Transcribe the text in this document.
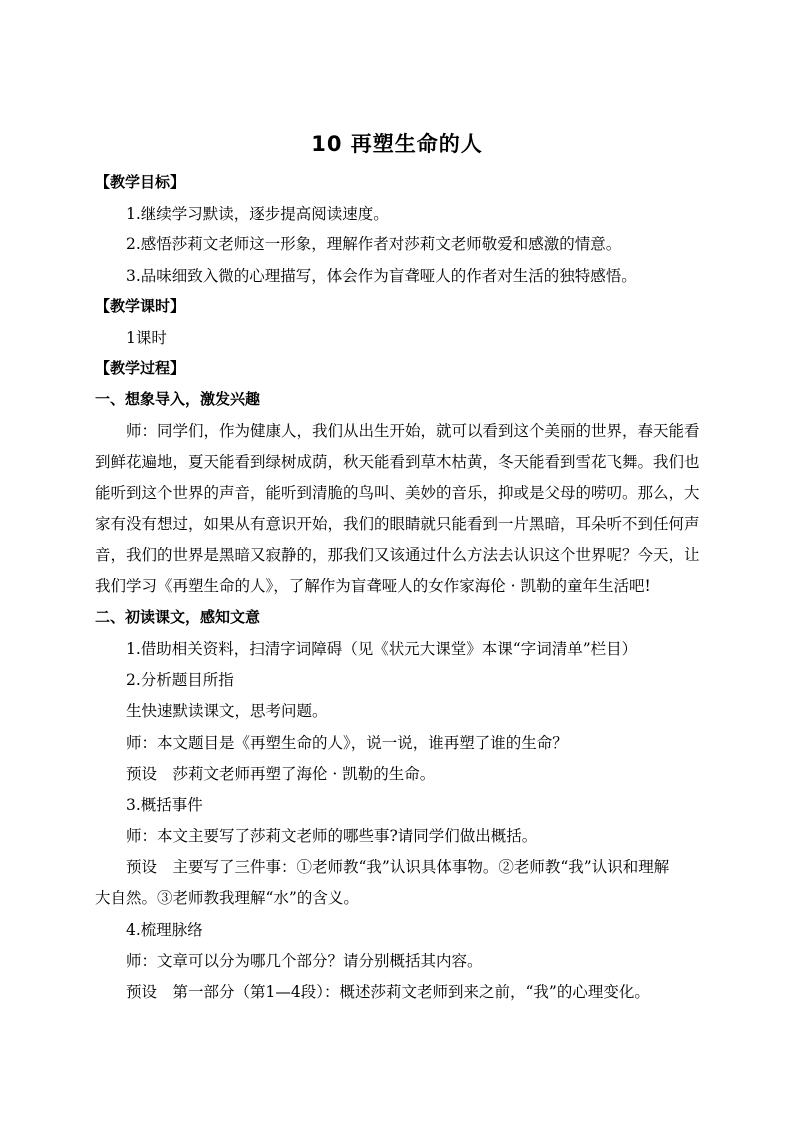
10 再塑生命的人
【教学目标】
1.继续学习默读，逐步提高阅读速度。
2.感悟莎莉文老师这一形象，理解作者对莎莉文老师敬爱和感激的情意。
3.品味细致入微的心理描写，体会作为盲聋哑人的作者对生活的独特感悟。
【教学课时】
1课时
【教学过程】
一、想象导入，激发兴趣
师：同学们，作为健康人，我们从出生开始，就可以看到这个美丽的世界，春天能看
到鲜花遍地，夏天能看到绿树成荫，秋天能看到草木枯黄，冬天能看到雪花飞舞。我们也
能听到这个世界的声音，能听到清脆的鸟叫、美妙的音乐，抑或是父母的唠叨。那么，大
家有没有想过，如果从有意识开始，我们的眼睛就只能看到一片黑暗，耳朵听不到任何声
音，我们的世界是黑暗又寂静的，那我们又该通过什么方法去认识这个世界呢？今天，让
我们学习《再塑生命的人》，了解作为盲聋哑人的女作家海伦 · 凯勒的童年生活吧!
二、初读课文，感知文意
1.借助相关资料，扫清字词障碍（见《状元大课堂》本课“字词清单”栏目）
2.分析题目所指
生快速默读课文，思考问题。
师：本文题目是《再塑生命的人》，说一说，谁再塑了谁的生命？
预设　莎莉文老师再塑了海伦 · 凯勒的生命。
3.概括事件
师：本文主要写了莎莉文老师的哪些事?请同学们做出概括。
预设　主要写了三件事：①老师教“我”认识具体事物。②老师教“我”认识和理解
大自然。③老师教我理解“水”的含义。
4.梳理脉络
师：文章可以分为哪几个部分？请分别概括其内容。
预设　第一部分（第1—4段）：概述莎莉文老师到来之前，“我”的心理变化。
